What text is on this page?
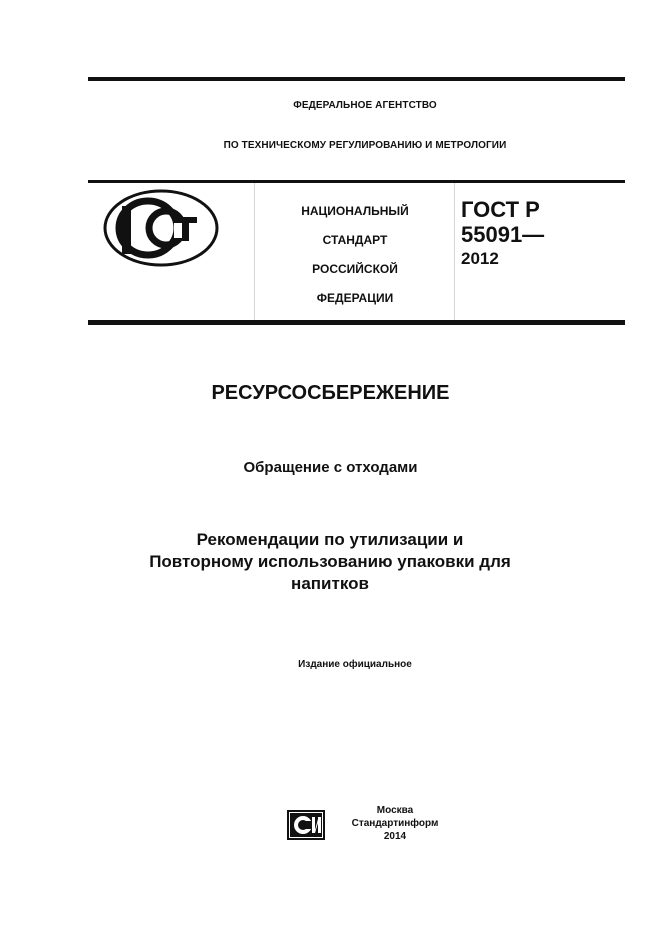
ФЕДЕРАЛЬНОЕ АГЕНТСТВО
ПО ТЕХНИЧЕСКОМУ РЕГУЛИРОВАНИЮ И МЕТРОЛОГИИ
НАЦИОНАЛЬНЫЙ
СТАНДАРТ
РОССИЙСКОЙ
ФЕДЕРАЦИИ
ГОСТ Р
55091—
2012
РЕСУРСОСБЕРЕЖЕНИЕ
Обращение с отходами
Рекомендации по утилизации и
Повторному использованию упаковки для
напитков
Издание официальное
Москва
Стандартинформ
2014
